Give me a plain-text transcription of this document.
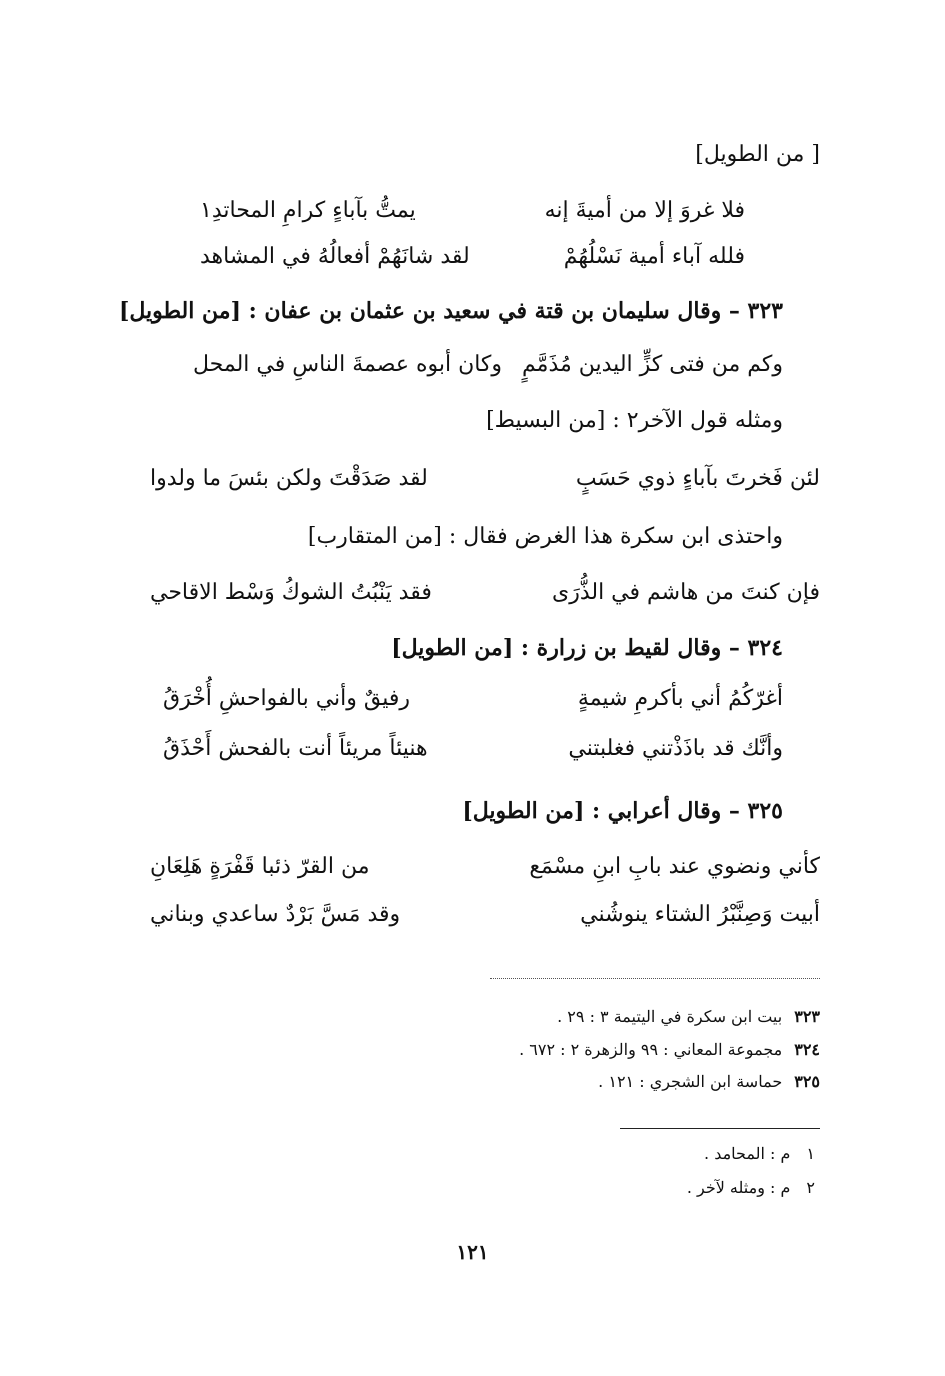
[ من الطويل]
فلا غروَ إلا من أميةَ إنه
يمتُّ بآباءٍ كرامِ المحاتدِ١
فلله آباء أمية نَسْلُهُمْ
لقد شانَهُمْ أفعالُهُ في المشاهد
٣٢٣ – وقال سليمان بن قتة في سعيد بن عثمان بن عفان : [من الطويل]
وكم من فتى كزٍّ اليدين مُذَمَّمٍ
وكان أبوه عصمةَ الناسِ في المحل
ومثله قول الآخر٢ : [من البسيط]
لئن فَخرتَ بآباءٍ ذوي حَسَبٍ
لقد صَدَقْتَ ولكن بئسَ ما ولدوا
واحتذى ابن سكرة هذا الغرض فقال : [من المتقارب]
فإن كنتَ من هاشم في الذُّرَى
فقد يَنْبُتُ الشوكُ وَسْط الاقاحي
٣٢٤ – وقال لقيط بن زرارة : [من الطويل]
أغرّكُمُ أني بأكرمِ شيمةٍ
رفيقٌ وأني بالفواحشِ أُخْرَقُ
وأنَّك قد باذَذْتني فغلبتني
هنيئاً مريئاً أنت بالفحش أَحْذَقُ
٣٢٥ – وقال أعرابي : [من الطويل]
كأني ونضوي عند بابِ ابنِ مسْمَع
من القرّ ذئبا قَفْرَةٍ هَلِعَانِ
أبيت وَصِنَّبْرُ الشتاء ينوشُني
وقد مَسَّ بَرْدٌ ساعدي وبناني
٣٢٣بيت ابن سكرة في اليتيمة ٣ : ٢٩ .
٣٢٤مجموعة المعاني : ٩٩ والزهرة ٢ : ٦٧٢ .
٣٢٥حماسة ابن الشجري : ١٢١ .
١م : المحامد .
٢م : ومثله لآخر .
١٢١
